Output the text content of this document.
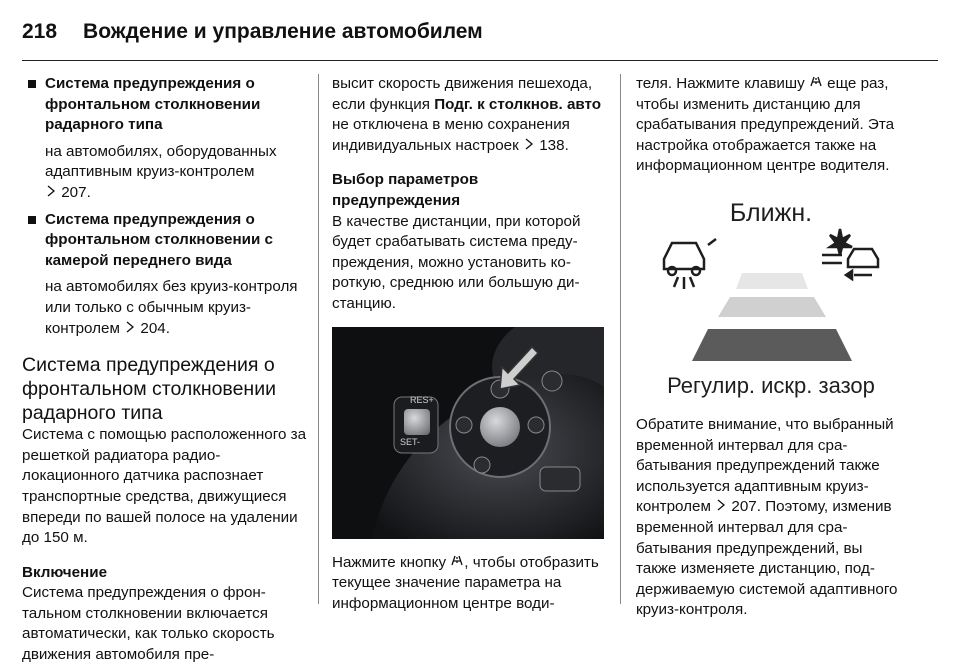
218 Вождение и управление автомобилем
Система предупреждения о фронтальном столкновении радарного типа

на автомобилях, оборудованных адаптивным круиз-контролем
207.

Система предупреждения о фронтальном столкновении с камерой переднего вида

на автомобилях без круиз-контроля или только с обычным круиз-контролем 204.

Система предупреждения о фронтальном столкновении радарного типа

Система с помощью расположенного за решеткой радиатора радиолокационного датчика распознает транспортные средства, движущиеся впереди по вашей полосе на удалении до 150 м.

Включение

Система предупреждения о фронтальном столкновении включается автоматически, как только скорость движения автомобиля пре-

высит скорость движения пешехода, если функция Подг. к столкнов. авто не отключена в меню сохранения индивидуальных настроек 138.

Выбор параметров предупреждения

В качестве дистанции, при которой будет срабатывать система предупреждения, можно установить короткую, среднюю или большую дистанцию.

RES+
SET-

Нажмите кнопку , чтобы отобразить текущее значение параметра на информационном центре води-

теля. Нажмите клавишу еще раз, чтобы изменить дистанцию для срабатывания предупреждений. Эта настройка отображается также на информационном центре водителя.

Ближн.
Регулир. искр. зазор

Обратите внимание, что выбранный временной интервал для срабатывания предупреждений также используется адаптивным круиз-контролем 207. Поэтому, изменив временной интервал для срабатывания предупреждений, вы также изменяете дистанцию, поддерживаемую системой адаптивного круиз-контроля.
